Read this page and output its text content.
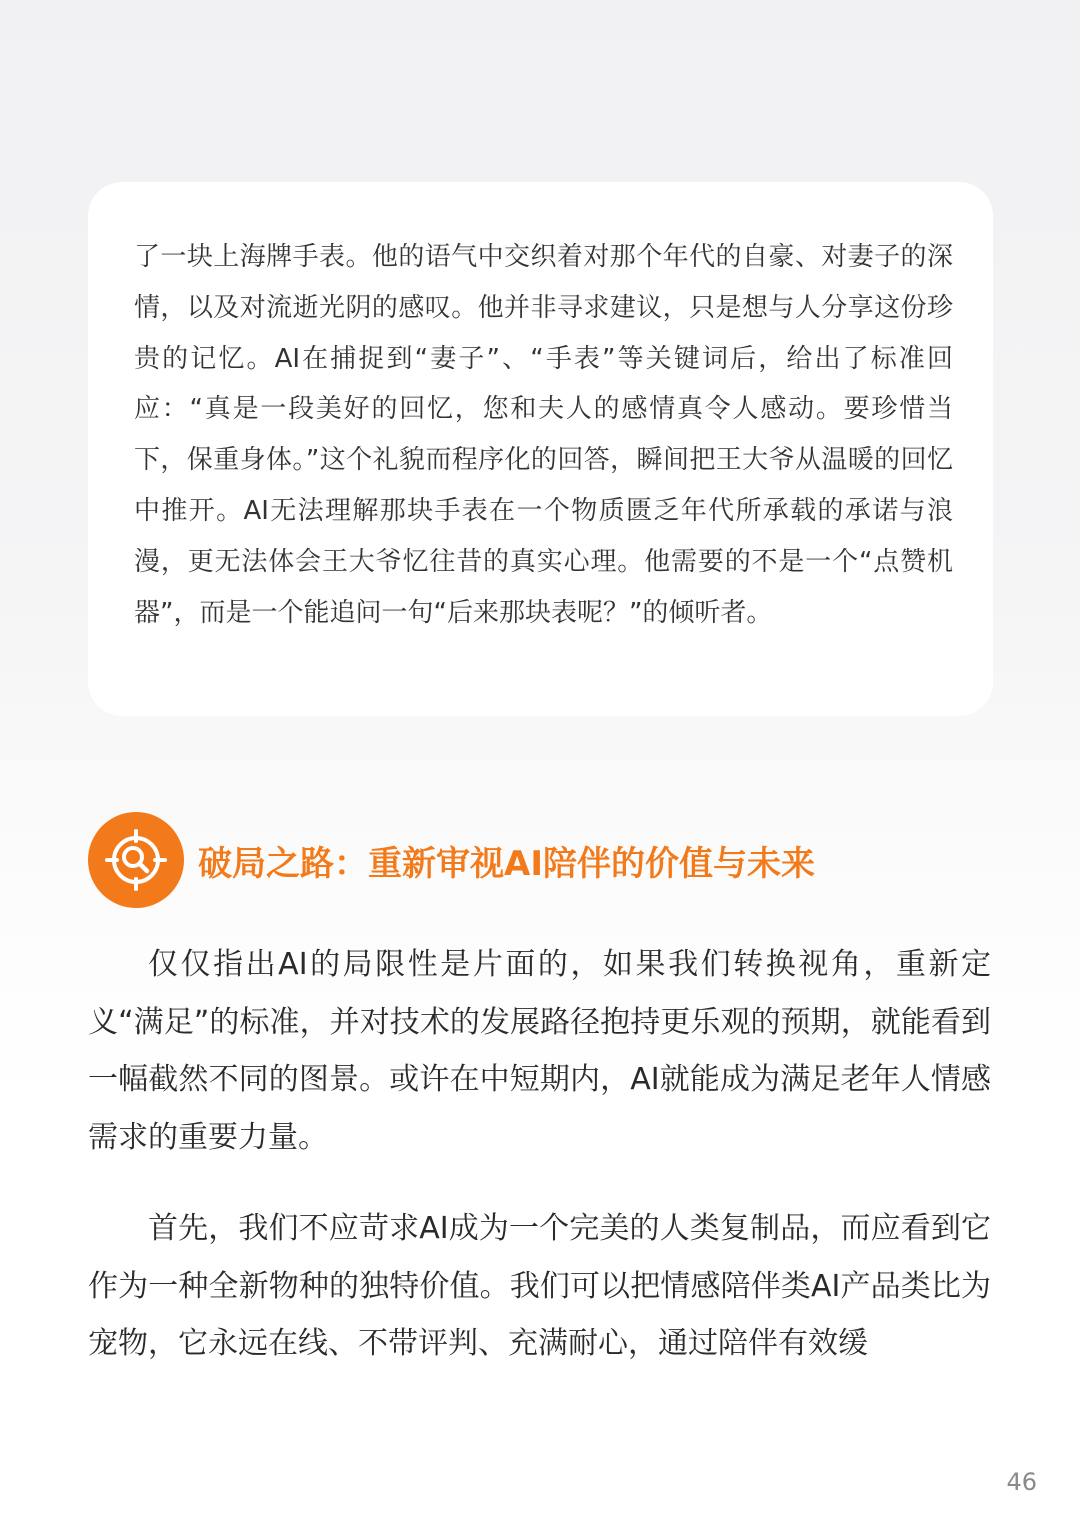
了一块上海牌手表。他的语气中交织着对那个年代的自豪、对妻子的深情，以及对流逝光阴的感叹。他并非寻求建议，只是想与人分享这份珍贵的记忆。AI在捕捉到“妻子”、“手表”等关键词后，给出了标准回应：“真是一段美好的回忆，您和夫人的感情真令人感动。要珍惜当下，保重身体。”这个礼貌而程序化的回答，瞬间把王大爷从温暖的回忆中推开。AI无法理解那块手表在一个物质匮乏年代所承载的承诺与浪漫，更无法体会王大爷忆往昔的真实心理。他需要的不是一个“点赞机器”，而是一个能追问一句“后来那块表呢？”的倾听者。

破局之路：重新审视AI陪伴的价值与未来

仅仅指出AI的局限性是片面的，如果我们转换视角，重新定义“满足”的标准，并对技术的发展路径抱持更乐观的预期，就能看到一幅截然不同的图景。或许在中短期内，AI就能成为满足老年人情感需求的重要力量。

首先，我们不应苛求AI成为一个完美的人类复制品，而应看到它作为一种全新物种的独特价值。我们可以把情感陪伴类AI产品类比为宠物，它永远在线、不带评判、充满耐心，通过陪伴有效缓

46
